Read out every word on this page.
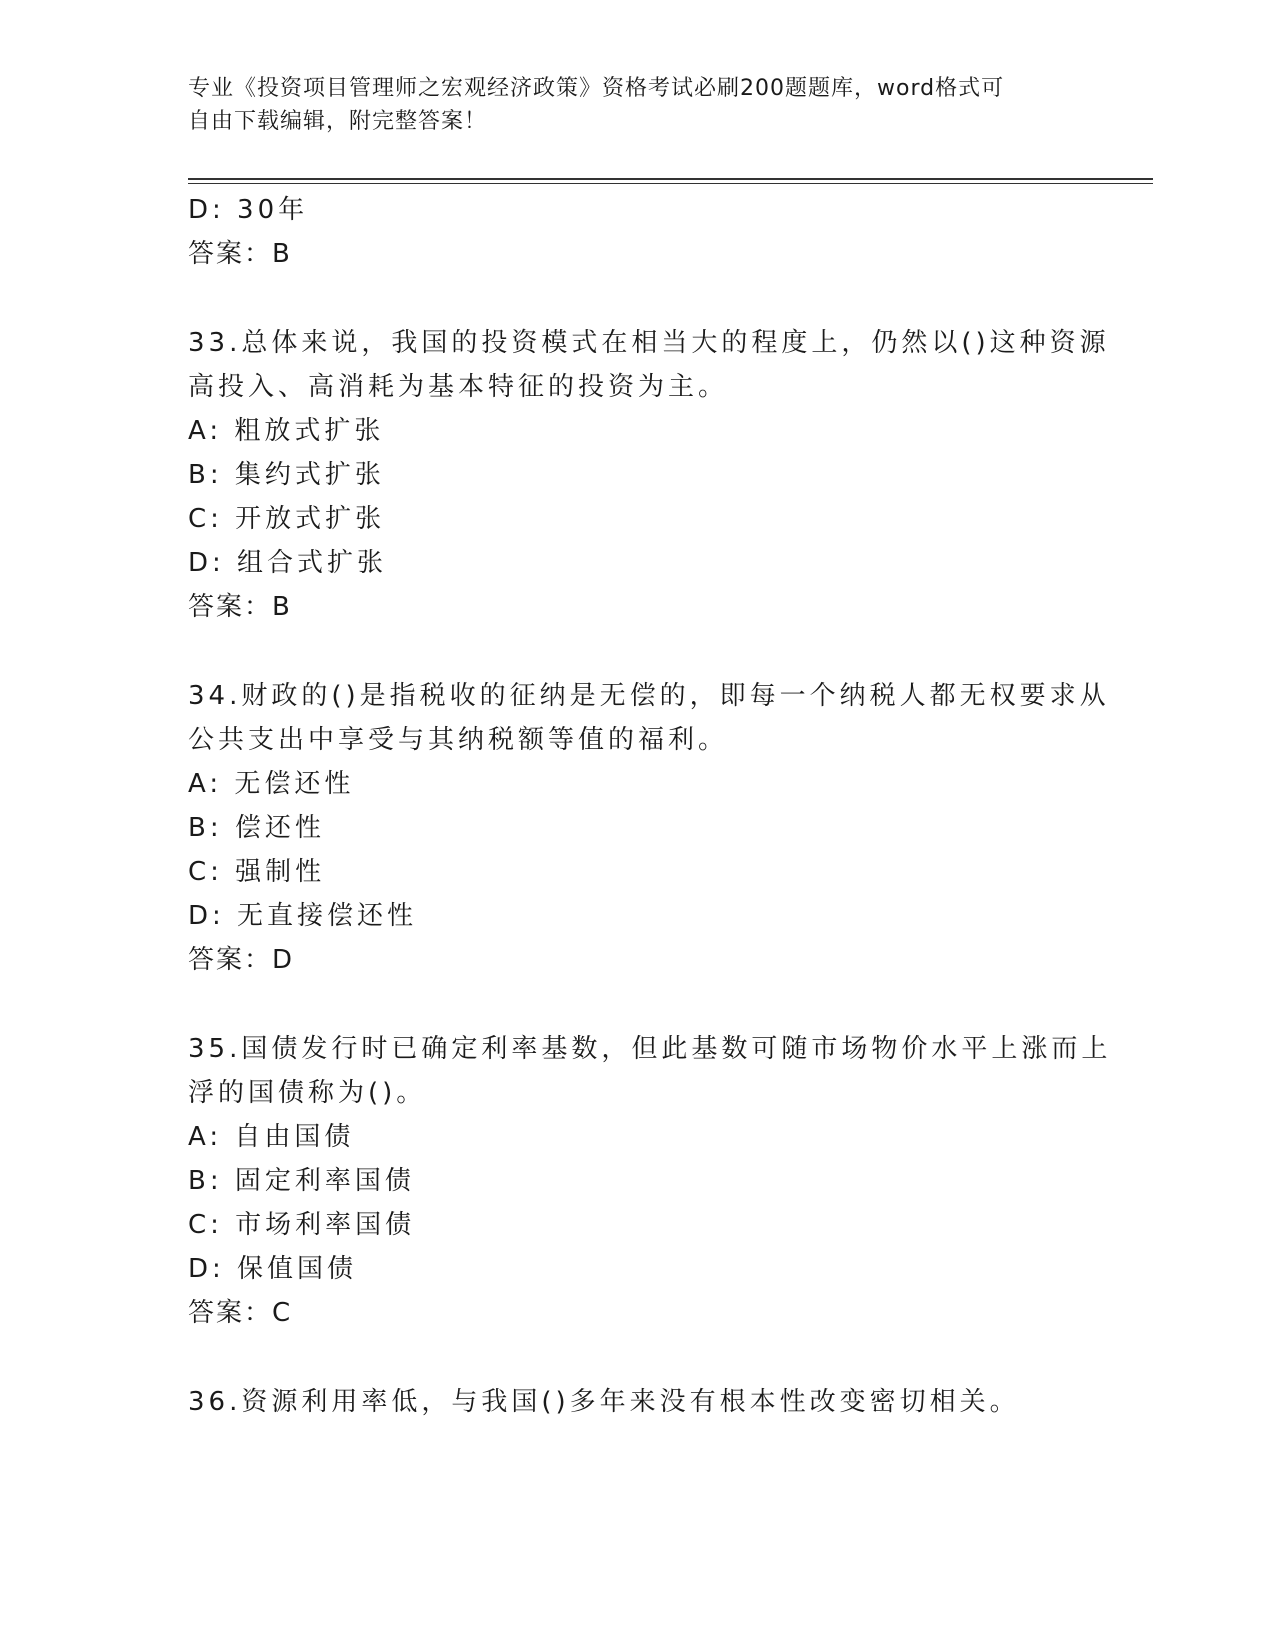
专业《投资项目管理师之宏观经济政策》资格考试必刷200题题库，word格式可
自由下载编辑，附完整答案！
D: 30年
答案：B
33.总体来说，我国的投资模式在相当大的程度上，仍然以()这种资源
高投入、高消耗为基本特征的投资为主。
A: 粗放式扩张
B: 集约式扩张
C: 开放式扩张
D: 组合式扩张
答案：B
34.财政的()是指税收的征纳是无偿的，即每一个纳税人都无权要求从
公共支出中享受与其纳税额等值的福利。
A: 无偿还性
B: 偿还性
C: 强制性
D: 无直接偿还性
答案：D
35.国债发行时已确定利率基数，但此基数可随市场物价水平上涨而上
浮的国债称为()。
A: 自由国债
B: 固定利率国债
C: 市场利率国债
D: 保值国债
答案：C
36.资源利用率低，与我国()多年来没有根本性改变密切相关。
